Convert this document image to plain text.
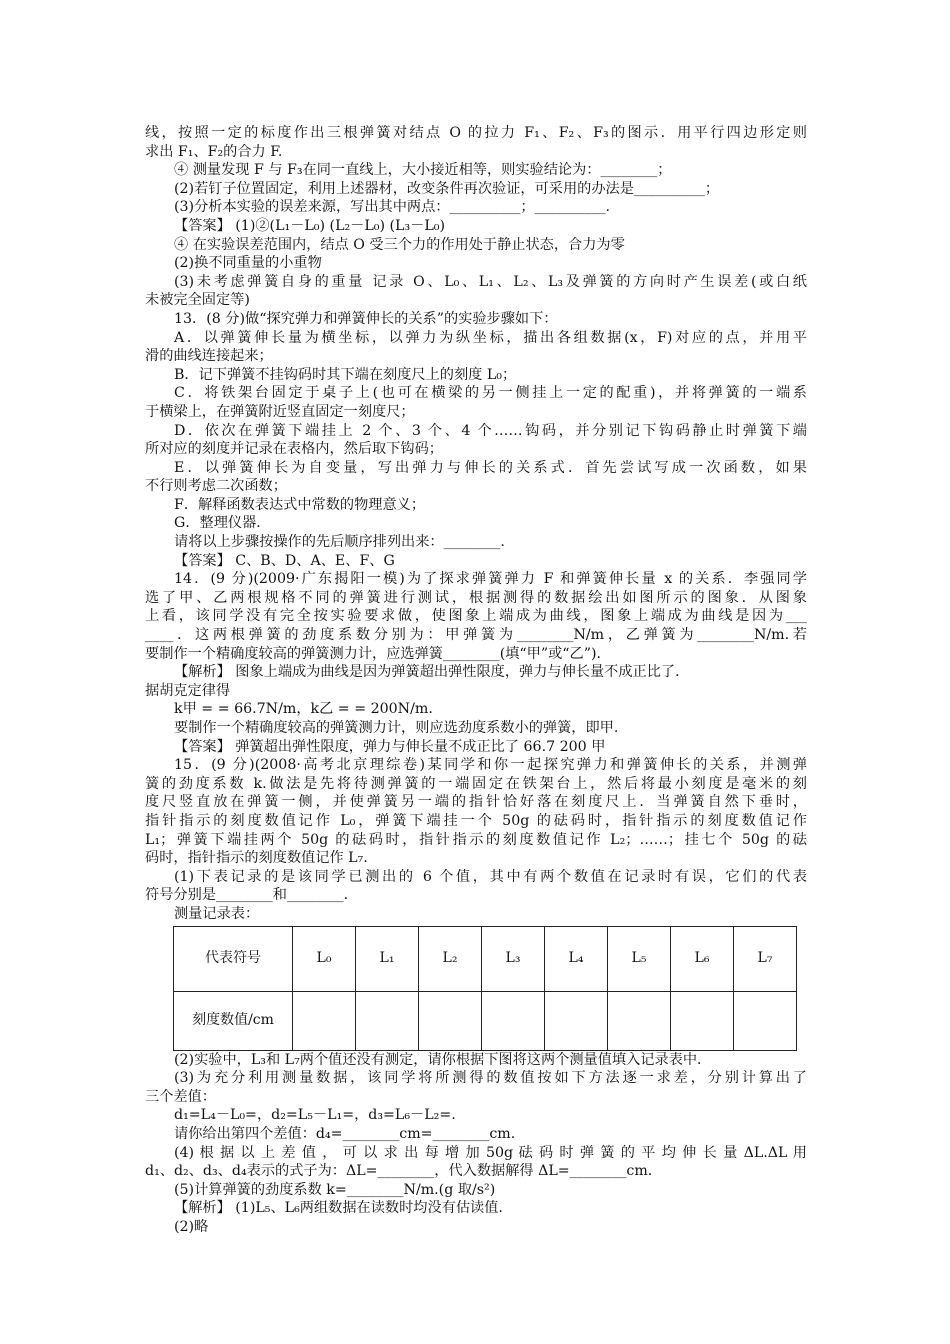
线，按照一定的标度作出三根弹簧对结点 O 的拉力 F₁、F₂、F₃的图示．用平行四边形定则

求出 F₁、F₂的合力 F.

④ 测量发现 F 与 F₃在同一直线上，大小接近相等，则实验结论为：________；

(2)若钉子位置固定，利用上述器材，改变条件再次验证，可采用的办法是__________；

(3)分析本实验的误差来源，写出其中两点：__________；__________.

【答案】 (1)②(L₁－L₀) (L₂－L₀) (L₃－L₀)

④ 在实验误差范围内，结点 O 受三个力的作用处于静止状态，合力为零

(2)换不同重量的小重物

(3)未考虑弹簧自身的重量 记录 O、L₀、L₁、L₂、L₃及弹簧的方向时产生误差(或白纸

未被完全固定等)

13．(8 分)做“探究弹力和弹簧伸长的关系”的实验步骤如下：

A．以弹簧伸长量为横坐标，以弹力为纵坐标，描出各组数据(x，F)对应的点，并用平

滑的曲线连接起来；

B．记下弹簧不挂钩码时其下端在刻度尺上的刻度 L₀；

C．将铁架台固定于桌子上(也可在横梁的另一侧挂上一定的配重)，并将弹簧的一端系

于横梁上，在弹簧附近竖直固定一刻度尺；

D．依次在弹簧下端挂上 2 个、3 个、4 个……钩码，并分别记下钩码静止时弹簧下端

所对应的刻度并记录在表格内，然后取下钩码；

E．以弹簧伸长为自变量，写出弹力与伸长的关系式．首先尝试写成一次函数，如果

不行则考虑二次函数；

F．解释函数表达式中常数的物理意义；

G．整理仪器．

请将以上步骤按操作的先后顺序排列出来：________.

【答案】 C、B、D、A、E、F、G

14．(9 分)(2009·广东揭阳一模)为了探求弹簧弹力 F 和弹簧伸长量 x 的关系．李强同学

选了甲、乙两根规格不同的弹簧进行测试，根据测得的数据绘出如图所示的图象．从图象

上看，该同学没有完全按实验要求做，使图象上端成为曲线，图象上端成为曲线是因为___

____．这两根弹簧的劲度系数分别为：甲弹簧为________N/m，乙弹簧为________N/m.若

要制作一个精确度较高的弹簧测力计，应选弹簧________(填“甲”或“乙”)．

【解析】 图象上端成为曲线是因为弹簧超出弹性限度，弹力与伸长量不成正比了．

据胡克定律得

k甲 = = 66.7N/m，k乙 = = 200N/m.

要制作一个精确度较高的弹簧测力计，则应选劲度系数小的弹簧，即甲.

【答案】 弹簧超出弹性限度，弹力与伸长量不成正比了 66.7 200 甲

15．(9 分)(2008·高考北京理综卷)某同学和你一起探究弹力和弹簧伸长的关系，并测弹

簧的劲度系数 k.做法是先将待测弹簧的一端固定在铁架台上，然后将最小刻度是毫米的刻

度尺竖直放在弹簧一侧，并使弹簧另一端的指针恰好落在刻度尺上．当弹簧自然下垂时，

指针指示的刻度数值记作 L₀，弹簧下端挂一个 50g 的砝码时，指针指示的刻度数值记作

L₁；弹簧下端挂两个 50g 的砝码时，指针指示的刻度数值记作 L₂；……；挂七个 50g 的砝

码时，指针指示的刻度数值记作 L₇.

(1)下表记录的是该同学已测出的 6 个值，其中有两个数值在记录时有误，它们的代表

符号分别是________和________.

测量记录表：

代表符号	L₀	L₁	L₂	L₃	L₄	L₅	L₆	L₇
刻度数值/cm								

(2)实验中，L₃和 L₇两个值还没有测定，请你根据下图将这两个测量值填入记录表中．

(3)为充分利用测量数据，该同学将所测得的数值按如下方法逐一求差，分别计算出了

三个差值：

d₁=L₄－L₀=，d₂=L₅－L₁=，d₃=L₆－L₂=.

请你给出第四个差值：d₄=________cm=________cm.

(4) 根 据 以 上 差 值 ， 可 以 求 出 每 增 加 50g 砝 码 时 弹 簧 的 平 均 伸 长 量 ΔL.ΔL 用

d₁、d₂、d₃、d₄表示的式子为：ΔL=________，代入数据解得 ΔL=________cm.

(5)计算弹簧的劲度系数 k=________N/m.(g 取/s²)

【解析】 (1)L₅、L₆两组数据在读数时均没有估读值.

(2)略
